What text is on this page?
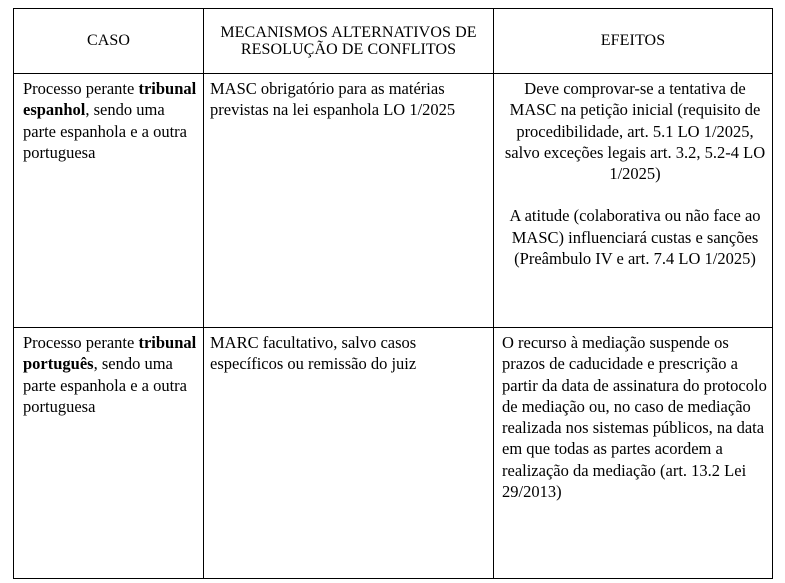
CASO	MECANISMOS ALTERNATIVOS DE RESOLUÇÃO DE CONFLITOS	EFEITOS
Processo perante tribunal espanhol, sendo uma parte espanhola e a outra portuguesa	MASC obrigatório para as matérias previstas na lei espanhola LO 1/2025	Deve comprovar-se a tentativa de MASC na petição inicial (requisito de procedibilidade, art. 5.1 LO 1/2025, salvo exceções legais art. 3.2, 5.2-4 LO 1/2025)
A atitude (colaborativa ou não face ao MASC) influenciará custas e sanções (Preâmbulo IV e art. 7.4 LO 1/2025)

Processo perante tribunal português, sendo uma parte espanhola e a outra portuguesa	MARC facultativo, salvo casos específicos ou remissão do juiz	O recurso à mediação suspende os prazos de caducidade e prescrição a partir da data de assinatura do protocolo de mediação ou, no caso de mediação realizada nos sistemas públicos, na data em que todas as partes acordem a realização da mediação (art. 13.2 Lei 29/2013)
